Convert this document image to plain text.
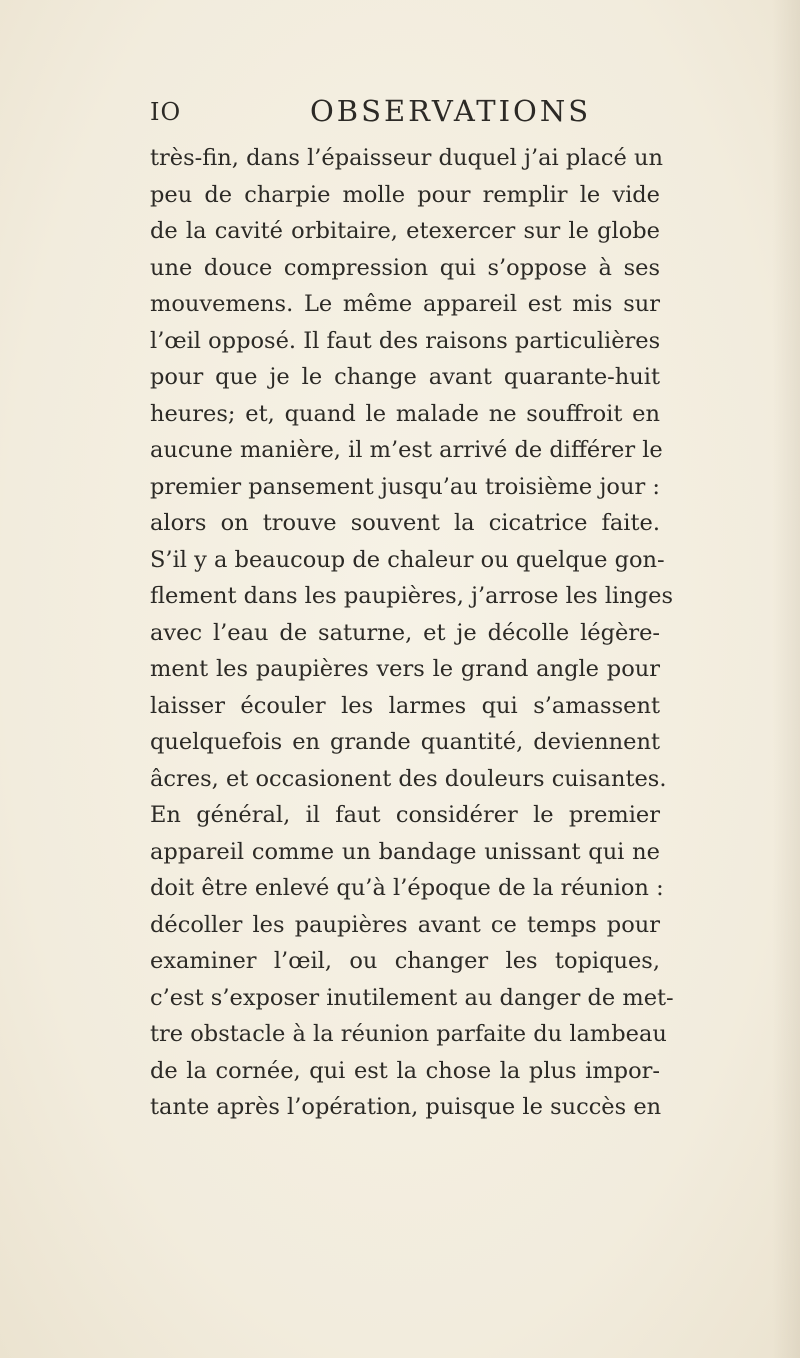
IO	OBSERVATIONS
très-fin, dans l’épaisseur duquel j’ai placé un
peu de charpie molle pour remplir le vide
de la cavité orbitaire, etexercer sur le globe
une douce compression qui s’oppose à ses
mouvemens. Le même appareil est mis sur
l’œil opposé. Il faut des raisons particulières
pour que je le change avant quarante-huit
heures; et, quand le malade ne souffroit en
aucune manière, il m’est arrivé de différer le
premier pansement jusqu’au troisième jour :
alors on trouve souvent la cicatrice faite.
S’il y a beaucoup de chaleur ou quelque gon-
flement dans les paupières, j’arrose les linges
avec l’eau de saturne, et je décolle légère-
ment les paupières vers le grand angle pour
laisser écouler les larmes qui s’amassent
quelquefois en grande quantité, deviennent
âcres, et occasionent des douleurs cuisantes.
En général, il faut considérer le premier
appareil comme un bandage unissant qui ne
doit être enlevé qu’à l’époque de la réunion :
décoller les paupières avant ce temps pour
examiner l’œil, ou changer les topiques,
c’est s’exposer inutilement au danger de met-
tre obstacle à la réunion parfaite du lambeau
de la cornée, qui est la chose la plus impor-
tante après l’opération, puisque le succès en
